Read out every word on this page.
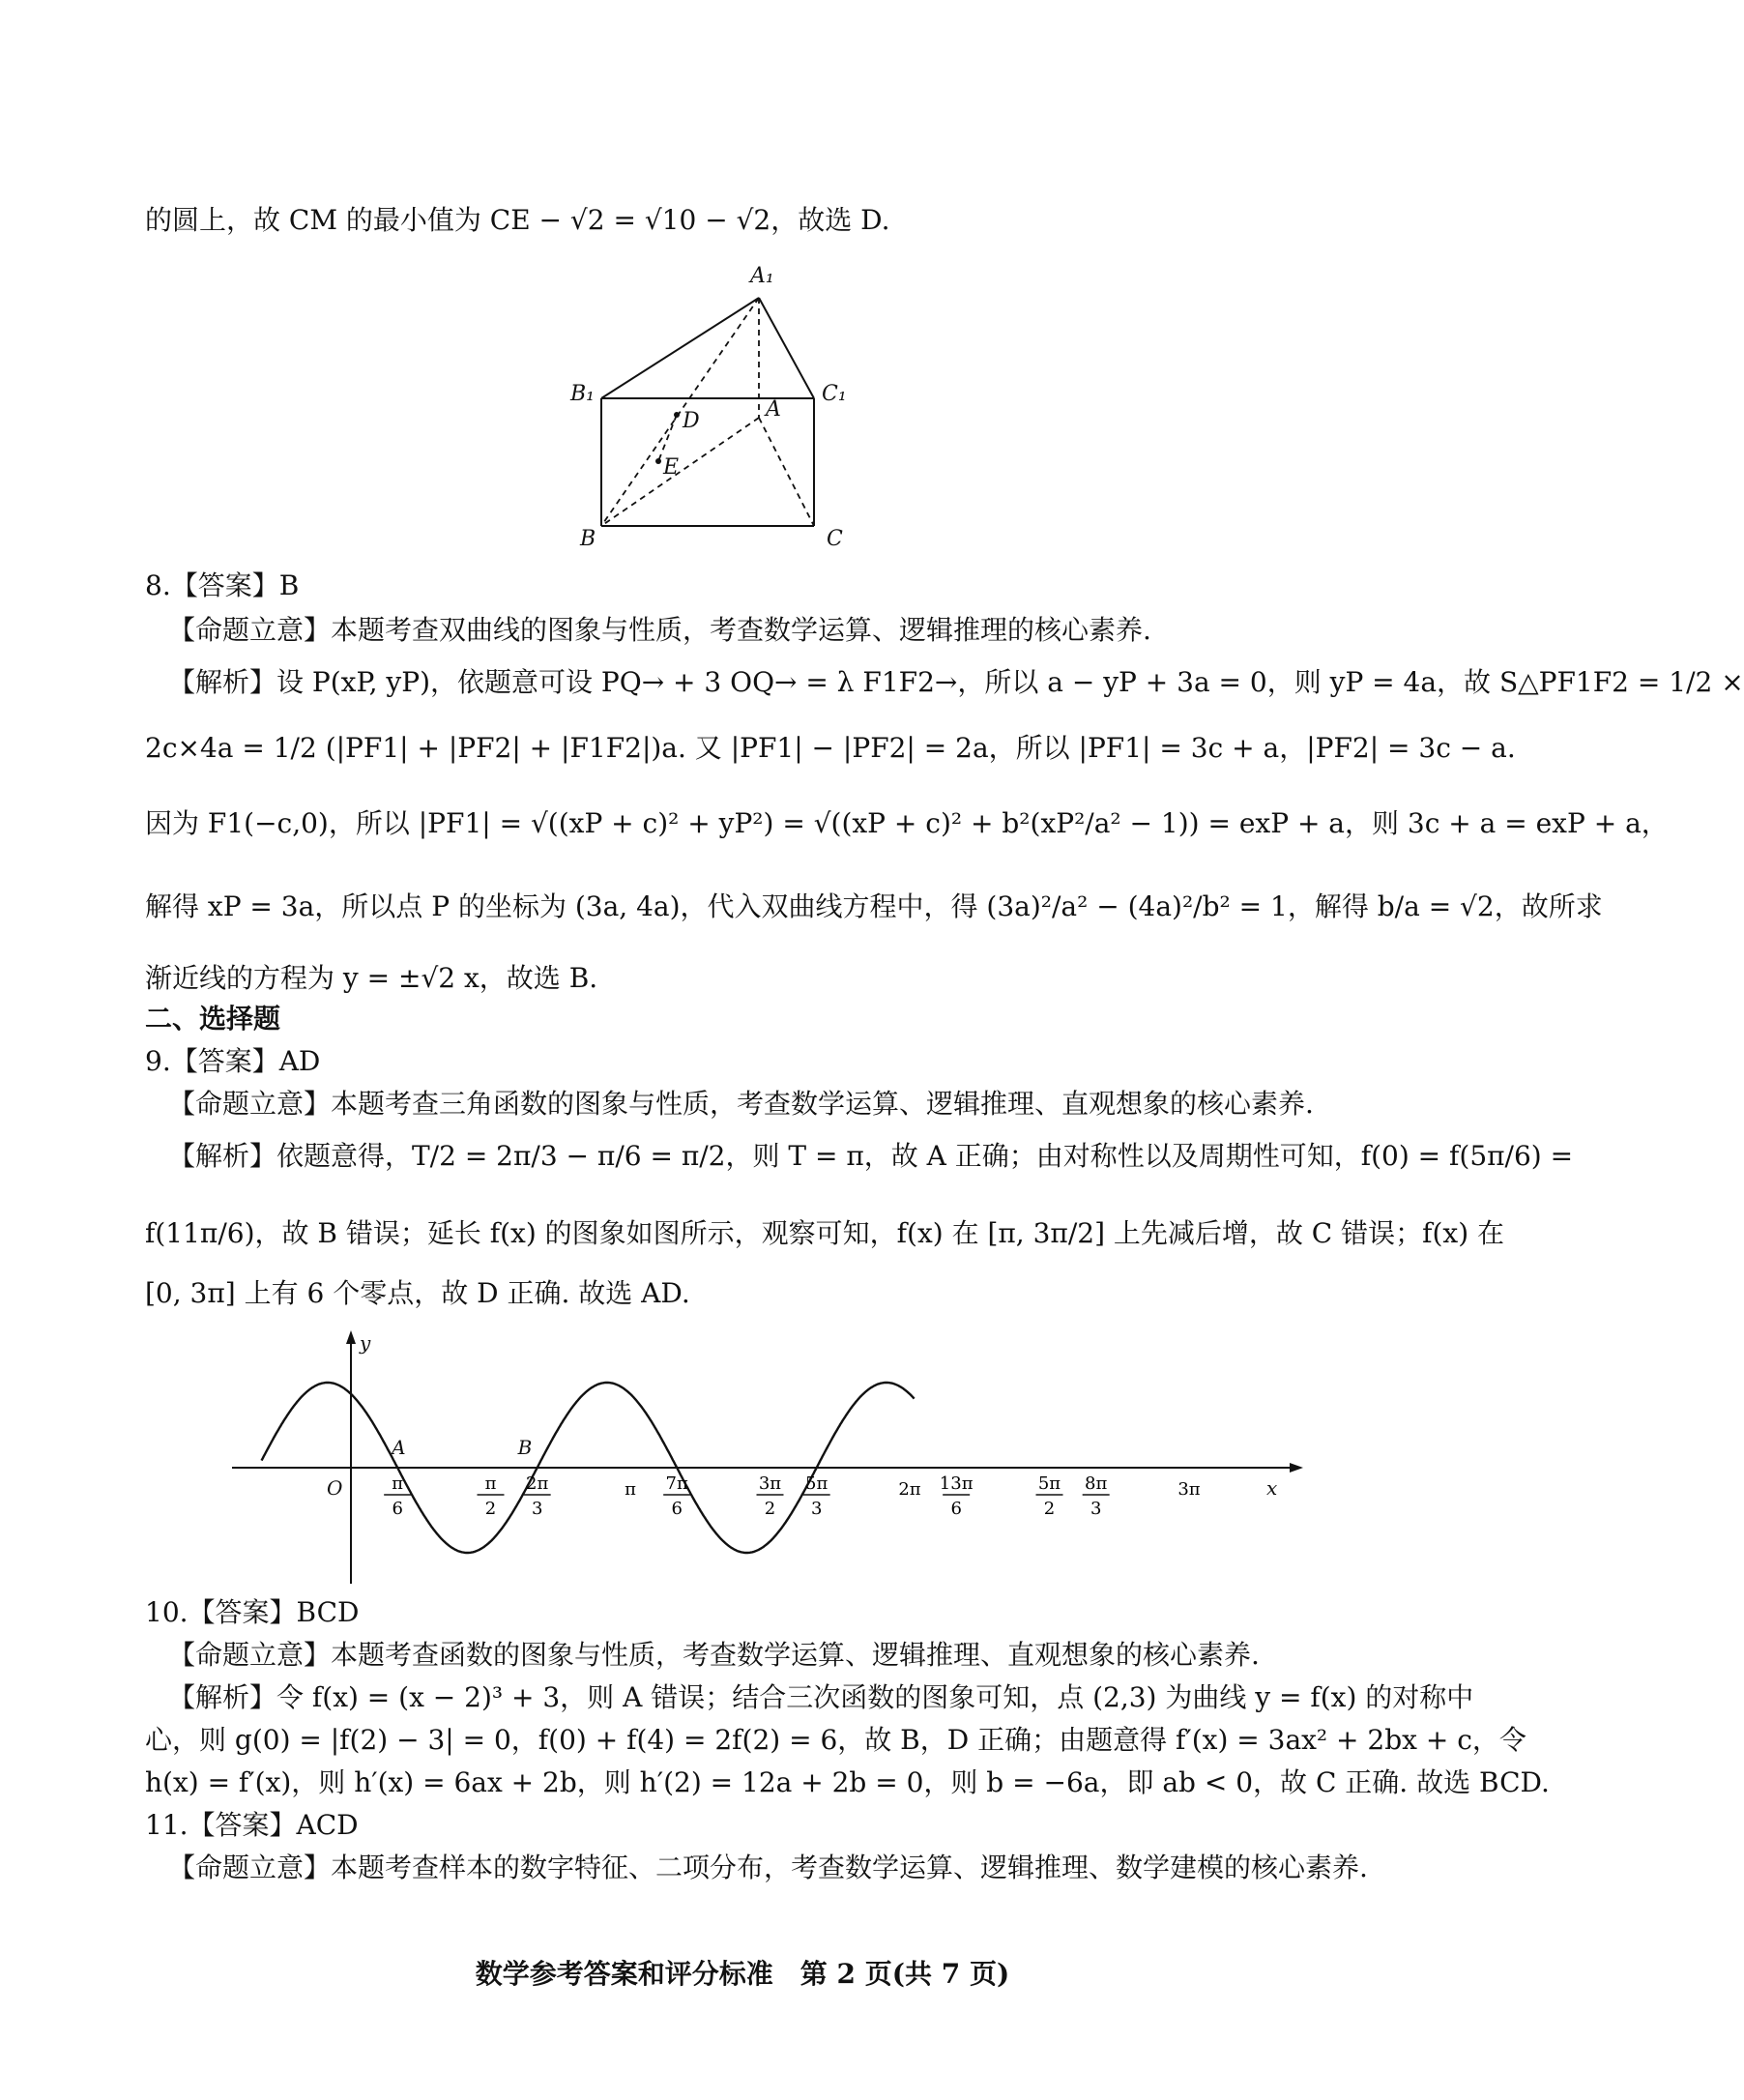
的圆上，故 CM 的最小值为 CE − √2 = √10 − √2，故选 D.
A₁
B₁	C₁
A
B	C
D
E
8.【答案】B
【命题立意】本题考查双曲线的图象与性质，考查数学运算、逻辑推理的核心素养.
【解析】设 P(xP, yP)，依题意可设 PQ→ + 3 OQ→ = λ F1F2→，所以 a − yP + 3a = 0，则 yP = 4a，故 S△PF1F2 = 1/2 ×
2c×4a = 1/2 (|PF1| + |PF2| + |F1F2|)a. 又 |PF1| − |PF2| = 2a，所以 |PF1| = 3c + a，|PF2| = 3c − a.
因为 F1(−c,0)，所以 |PF1| = √((xP + c)² + yP²) = √((xP + c)² + b²(xP²/a² − 1)) = exP + a，则 3c + a = exP + a，
解得 xP = 3a，所以点 P 的坐标为 (3a, 4a)，代入双曲线方程中，得 (3a)²/a² − (4a)²/b² = 1，解得 b/a = √2，故所求
渐近线的方程为 y = ±√2 x，故选 B.
二、选择题
9.【答案】AD
【命题立意】本题考查三角函数的图象与性质，考查数学运算、逻辑推理、直观想象的核心素养.
【解析】依题意得，T/2 = 2π/3 − π/6 = π/2，则 T = π，故 A 正确；由对称性以及周期性可知，f(0) = f(5π/6) =
f(11π/6)，故 B 错误；延长 f(x) 的图象如图所示，观察可知，f(x) 在 [π, 3π/2] 上先减后增，故 C 错误；f(x) 在
[0, 3π] 上有 6 个零点，故 D 正确. 故选 AD.
x
y
O
A	B
π
6
π
2
2π
3
π 7π
6
3π
2
5π
3
2π 13π
6
5π
2
8π
3
3π
10.【答案】BCD
【命题立意】本题考查函数的图象与性质，考查数学运算、逻辑推理、直观想象的核心素养.
【解析】令 f(x) = (x − 2)³ + 3，则 A 错误；结合三次函数的图象可知，点 (2,3) 为曲线 y = f(x) 的对称中
心，则 g(0) = |f(2) − 3| = 0，f(0) + f(4) = 2f(2) = 6，故 B，D 正确；由题意得 f′(x) = 3ax² + 2bx + c，令
h(x) = f′(x)，则 h′(x) = 6ax + 2b，则 h′(2) = 12a + 2b = 0，则 b = −6a，即 ab < 0，故 C 正确. 故选 BCD.
11.【答案】ACD
【命题立意】本题考查样本的数字特征、二项分布，考查数学运算、逻辑推理、数学建模的核心素养.
数学参考答案和评分标准　第 2 页(共 7 页)
